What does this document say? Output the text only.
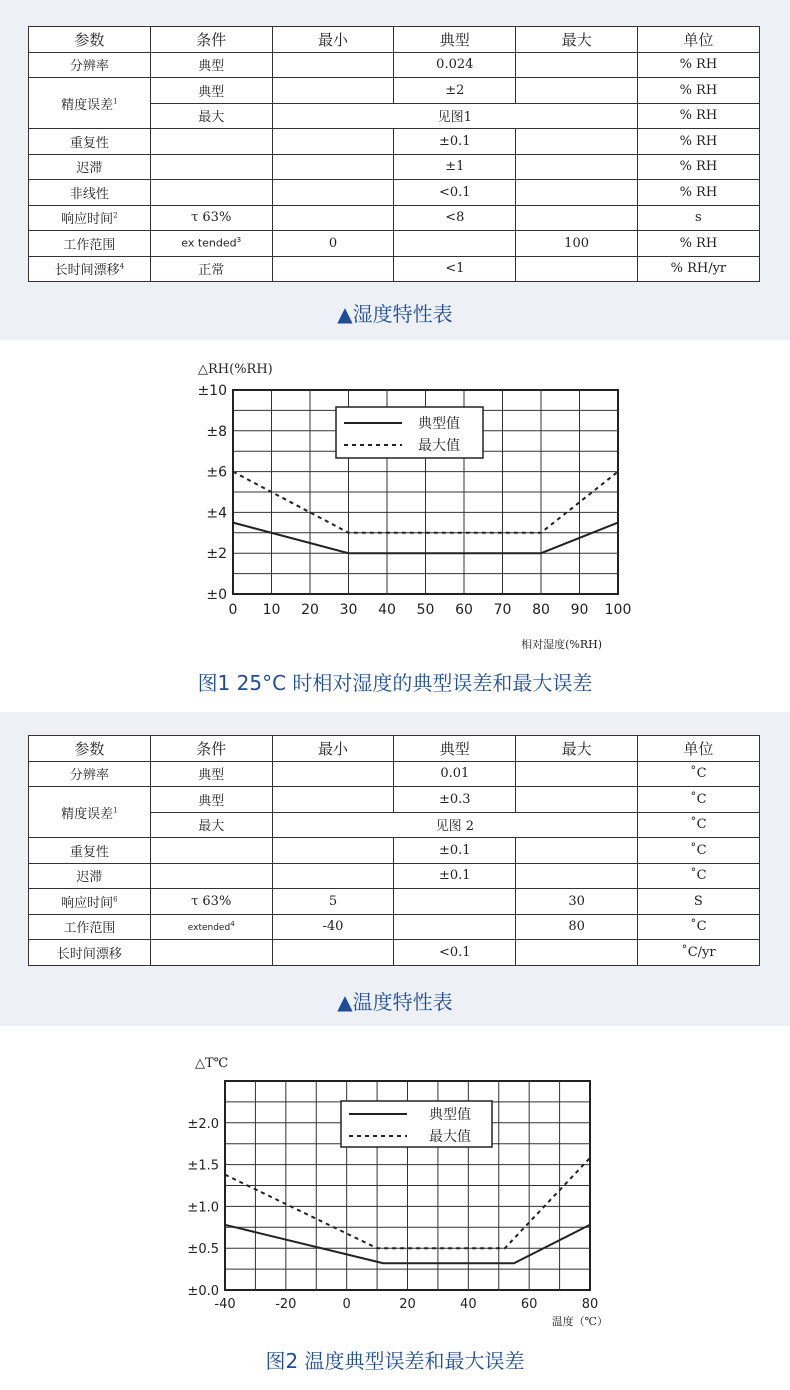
参数	条件	最小	典型	最大	单位
分辨率	典型		0.024		% RH
精度误差$^1$	典型		±2		% RH
	最大	见图1			% RH
重复性			±0.1		% RH
迟滞			±1		% RH
非线性			<0.1		% RH
响应时间$^2$	τ 63%		<8		s
工作范围	ex tended$^3$	0		100	% RH
长时间漂移$^4$	正常		<1		% RH/yr
▲湿度特性表
0 10 20 30 40 50 60 70 80 90 100
±0
±2
±4
±6
±8
±10
△RH(%RH)
相对湿度(%RH)
典型值
最大值
图1 25°C 时相对湿度的典型误差和最大误差
参数	条件	最小	典型	最大	单位
分辨率	典型		0.01		˚C
精度误差$^1$	典型		±0.3		˚C
	最大	见图 2			˚C
重复性			±0.1		˚C
迟滞			±0.1		˚C
响应时间$^6$	τ 63%	5		30	S
工作范围	extended$^4$	-40		80	˚C
长时间漂移			<0.1		˚C/yr
▲温度特性表
-40	-20	0	20	40	60	80
±0.0
±0.5
±1.0
±1.5
±2.0
△T℃
温度（℃）
典型值
最大值
图2 温度典型误差和最大误差
